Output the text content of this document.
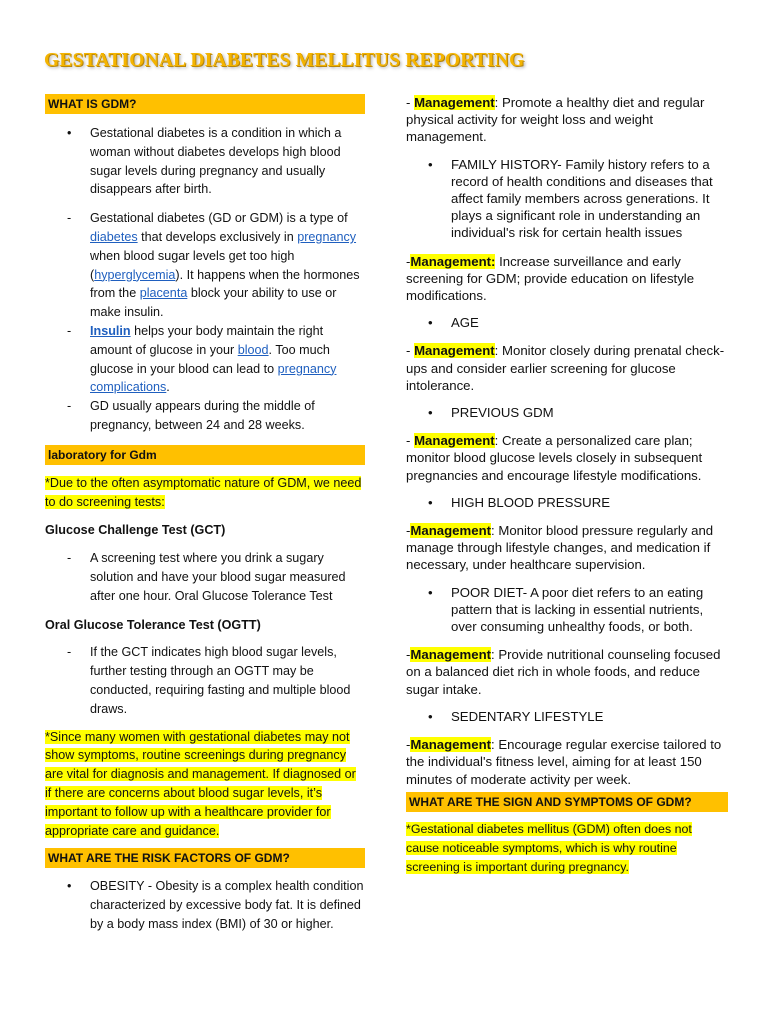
GESTATIONAL DIABETES MELLITUS REPORTING
WHAT IS GDM?
• Gestational diabetes is a condition in which a woman without diabetes develops high blood sugar levels during pregnancy and usually disappears after birth.
- Gestational diabetes (GD or GDM) is a type of diabetes that develops exclusively in pregnancy when blood sugar levels get too high (hyperglycemia). It happens when the hormones from the placenta block your ability to use or make insulin.
- Insulin helps your body maintain the right amount of glucose in your blood. Too much glucose in your blood can lead to pregnancy complications.
- GD usually appears during the middle of pregnancy, between 24 and 28 weeks.
laboratory for Gdm
*Due to the often asymptomatic nature of GDM, we need to do screening tests:
Glucose Challenge Test (GCT)
- A screening test where you drink a sugary solution and have your blood sugar measured after one hour. Oral Glucose Tolerance Test
Oral Glucose Tolerance Test (OGTT)
- If the GCT indicates high blood sugar levels, further testing through an OGTT may be conducted, requiring fasting and multiple blood draws.
*Since many women with gestational diabetes may not show symptoms, routine screenings during pregnancy are vital for diagnosis and management. If diagnosed or if there are concerns about blood sugar levels, it’s important to follow up with a healthcare provider for appropriate care and guidance.
WHAT ARE THE RISK FACTORS OF GDM?
• OBESITY - Obesity is a complex health condition characterized by excessive body fat. It is defined by a body mass index (BMI) of 30 or higher.
- Management: Promote a healthy diet and regular physical activity for weight loss and weight management.
• FAMILY HISTORY- Family history refers to a record of health conditions and diseases that affect family members across generations. It plays a significant role in understanding an individual's risk for certain health issues
-Management: Increase surveillance and early screening for GDM; provide education on lifestyle modifications.
• AGE
- Management: Monitor closely during prenatal check-ups and consider earlier screening for glucose intolerance.
• PREVIOUS GDM
- Management: Create a personalized care plan; monitor blood glucose levels closely in subsequent pregnancies and encourage lifestyle modifications.
• HIGH BLOOD PRESSURE
-Management: Monitor blood pressure regularly and manage through lifestyle changes, and medication if necessary, under healthcare supervision.
• POOR DIET- A poor diet refers to an eating pattern that is lacking in essential nutrients, over consuming unhealthy foods, or both.
-Management: Provide nutritional counseling focused on a balanced diet rich in whole foods, and reduce sugar intake.
• SEDENTARY LIFESTYLE
-Management: Encourage regular exercise tailored to the individual's fitness level, aiming for at least 150 minutes of moderate activity per week.
WHAT ARE THE SIGN AND SYMPTOMS OF GDM?
*Gestational diabetes mellitus (GDM) often does not cause noticeable symptoms, which is why routine screening is important during pregnancy.
